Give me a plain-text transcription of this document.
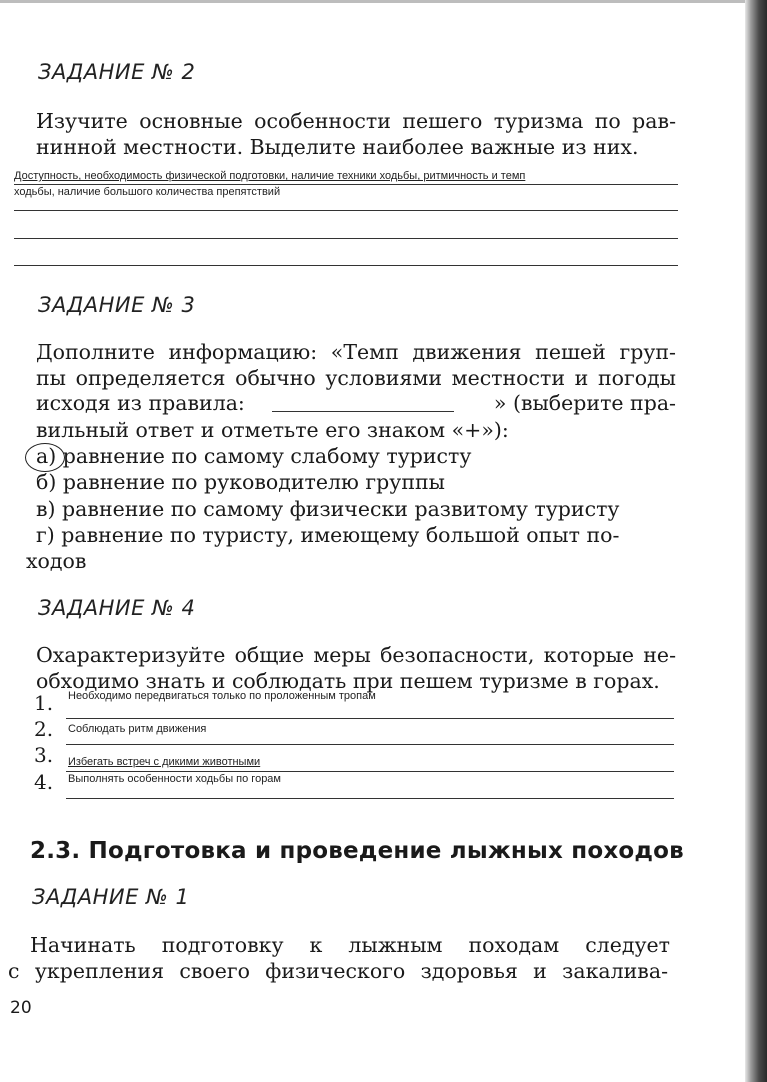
ЗАДАНИЕ № 2
Изучите основные особенности пешего туризма по рав-
нинной местности. Выделите наиболее важные из них.
Доступность, необходимость физической подготовки, наличие техники ходьбы, ритмичность и темп
ходьбы, наличие большого количества препятствий
ЗАДАНИЕ № 3
Дополните информацию: «Темп движения пешей груп-
пы определяется обычно условиями местности и погоды
исходя из правила:	» (выберите пра-
вильный ответ и отметьте его знаком «+»):
а) равнение по самому слабому туристу
б) равнение по руководителю группы
в) равнение по самому физически развитому туристу
г) равнение по туристу, имеющему большой опыт по-
ходов
ЗАДАНИЕ № 4
Охарактеризуйте общие меры безопасности, которые не-
обходимо знать и соблюдать при пешем туризме в горах.
1. Необходимо передвигаться только по проложенным тропам
2. Соблюдать ритм движения
3. Избегать встреч с дикими животными
4. Выполнять особенности ходьбы по горам
2.3. Подготовка и проведение лыжных походов
ЗАДАНИЕ № 1
Начинать подготовку к лыжным походам следует
с укрепления своего физического здоровья и закалива-
20
